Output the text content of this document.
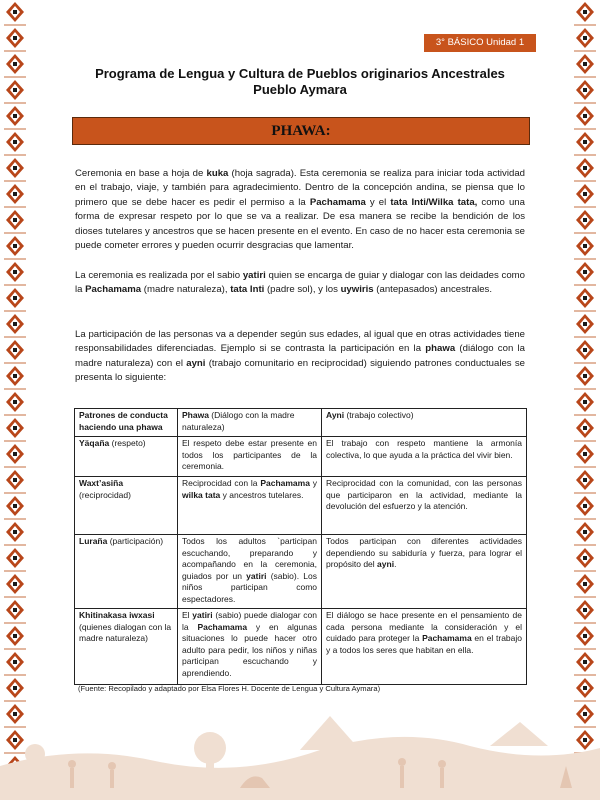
3° BÁSICO Unidad 1
Programa de Lengua y Cultura de Pueblos originarios Ancestrales
Pueblo Aymara
PHAWA:

Ceremonia en base a hoja de kuka (hoja sagrada). Esta ceremonia se realiza para iniciar toda actividad en el trabajo, viaje, y también para agradecimiento. Dentro de la concepción andina, se piensa que lo primero que se debe hacer es pedir el permiso a la Pachamama y el tata Inti/Wilka tata, como una forma de expresar respeto por lo que se va a realizar. De esa manera se recibe la bendición de los dioses tutelares y ancestros que se hacen presente en el evento. En caso de no hacer esta ceremonia se puede cometer errores y pueden ocurrir desgracias que lamentar.

La ceremonia es realizada por el sabio yatiri quien se encarga de guiar y dialogar con las deidades como la Pachamama (madre naturaleza), tata Inti (padre sol), y los uywiris (antepasados) ancestrales.

La participación de las personas va a depender según sus edades, al igual que en otras actividades tiene responsabilidades diferenciadas. Ejemplo si se contrasta la participación en la phawa (diálogo con la madre naturaleza) con el ayni (trabajo comunitario en reciprocidad) siguiendo patrones conductuales se presenta lo siguiente:

Patrones de conducta haciendo una phawa	Phawa (Diálogo con la madre naturaleza)	Ayni (trabajo colectivo)
Yäqaña (respeto)	El respeto debe estar presente en todos los participantes de la ceremonia.	El trabajo con respeto mantiene la armonía colectiva, lo que ayuda a la práctica del vivir bien.
Waxt’asiña (reciprocidad)	Reciprocidad con la Pachamama y wilka tata y ancestros tutelares.	Reciprocidad con la comunidad, con las personas que participaron en la actividad, mediante la devolución del esfuerzo y la atención.
Luraña (participación)	Todos los adultos `participan escuchando, preparando y acompañando en la ceremonia, guiados por un yatiri (sabio). Los niños participan como espectadores.	Todos participan con diferentes actividades dependiendo su sabiduría y fuerza, para lograr el propósito del ayni.
Khitinakasa iwxasi (quienes dialogan con la madre naturaleza)	El yatiri (sabio) puede dialogar con la Pachamama y en algunas situaciones lo puede hacer otro adulto para pedir, los niños y niñas participan escuchando y aprendiendo.	El diálogo se hace presente en el pensamiento de cada persona mediante la consideración y el cuidado para proteger la Pachamama en el trabajo y a todos los seres que habitan en ella.
(Fuente: Recopilado y adaptado por Elsa Flores H. Docente de Lengua y Cultura Aymara)
